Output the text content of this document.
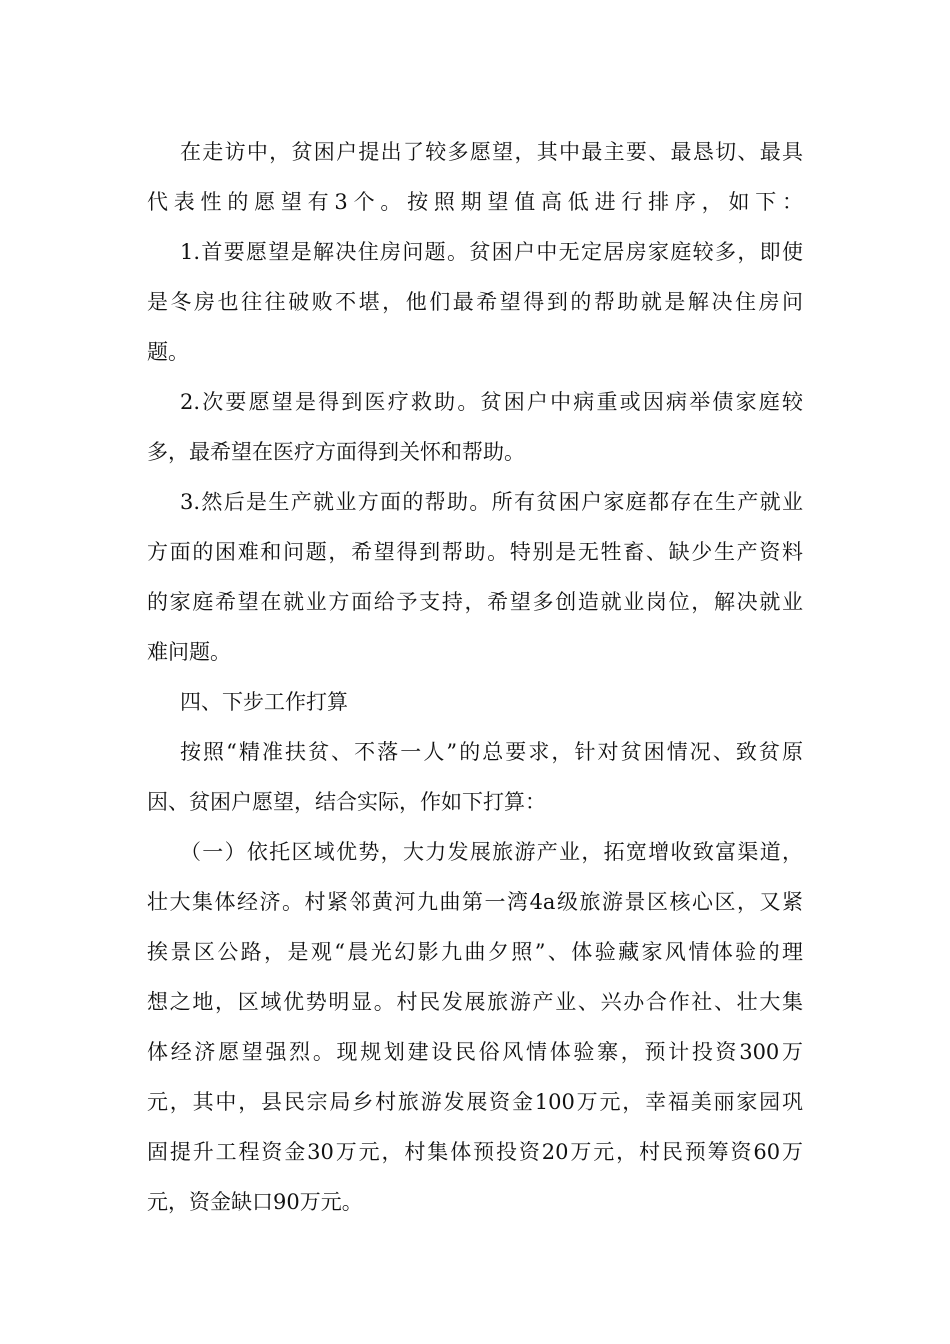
在走访中，贫困户提出了较多愿望，其中最主要、最恳切、最具
代表性的愿望有3个。按照期望值高低进行排序，如下：
1.首要愿望是解决住房问题。贫困户中无定居房家庭较多，即使
是冬房也往往破败不堪，他们最希望得到的帮助就是解决住房问
题。
2.次要愿望是得到医疗救助。贫困户中病重或因病举债家庭较
多，最希望在医疗方面得到关怀和帮助。
3.然后是生产就业方面的帮助。所有贫困户家庭都存在生产就业
方面的困难和问题，希望得到帮助。特别是无牲畜、缺少生产资料
的家庭希望在就业方面给予支持，希望多创造就业岗位，解决就业
难问题。
四、下步工作打算
按照“精准扶贫、不落一人”的总要求，针对贫困情况、致贫原
因、贫困户愿望，结合实际，作如下打算：
（一）依托区域优势，大力发展旅游产业，拓宽增收致富渠道，
壮大集体经济。村紧邻黄河九曲第一湾4a级旅游景区核心区，又紧
挨景区公路，是观“晨光幻影九曲夕照”、体验藏家风情体验的理
想之地，区域优势明显。村民发展旅游产业、兴办合作社、壮大集
体经济愿望强烈。现规划建设民俗风情体验寨，预计投资300万
元，其中，县民宗局乡村旅游发展资金100万元，幸福美丽家园巩
固提升工程资金30万元，村集体预投资20万元，村民预筹资60万
元，资金缺口90万元。
